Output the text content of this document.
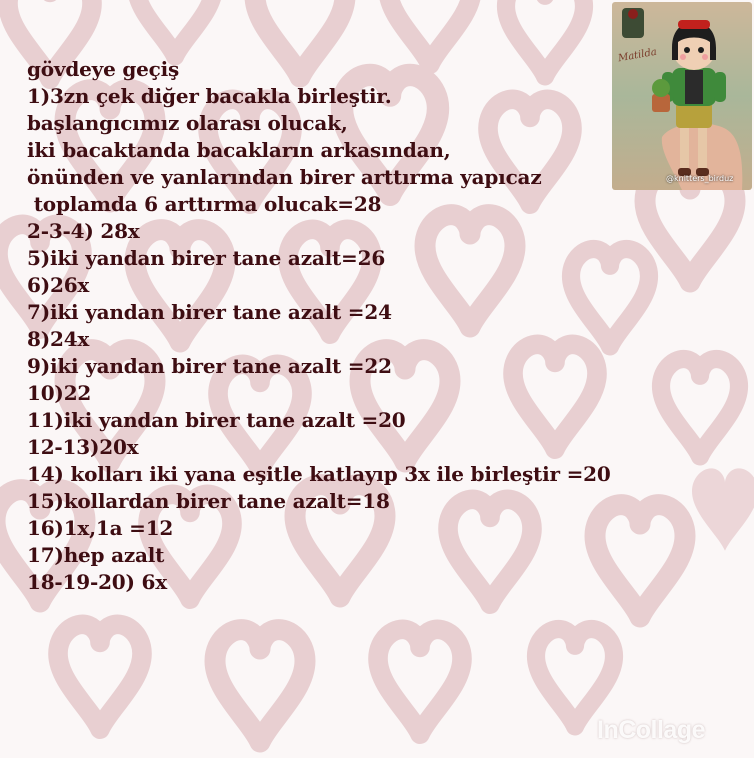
gövdeye geçiş
1)3zn çek diğer bacakla birleştir.
başlangıcımız olarası olucak,
iki bacaktanda bacakların arkasından,
önünden ve yanlarından birer arttırma yapıcaz
toplamda 6 arttırma olucak=28
2-3-4) 28x
5)iki yandan birer tane azalt=26
6)26x
7)iki yandan birer tane azalt =24
8)24x
9)iki yandan birer tane azalt =22
10)22
11)iki yandan birer tane azalt =20
12-13)20x
14) kolları iki yana eşitle katlayıp 3x ile birleştir =20
15)kollardan birer tane azalt=18
16)1x,1a =12
17)hep azalt
18-19-20) 6x
Matilda
@knitters_birduz
InCollage
